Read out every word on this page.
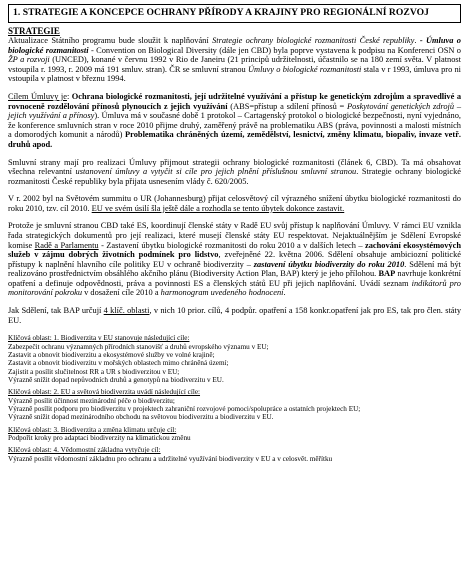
1. STRATEGIE A KONCEPCE OCHRANY PŘÍRODY A KRAJINY PRO REGIONÁLNÍ ROZVOJ
STRATEGIE

Aktualizace Státního programu bude sloužit k naplňování Strategie ochrany biologické rozmanitosti České republiky. - Úmluva o biologické rozmanitosti - Convention on Biological Diversity (dále jen CBD) byla poprve vystavena k podpisu na Konferenci OSN o ŽP a rozvoji (UNCED), konané v červnu 1992 v Rio de Janeiru (21 principů udržitelnosti, účastnilo se na 180 zemí světa. V platnost vstoupila r. 1993, r. 2009 má 191 smluv. stran). ČR se smluvní stranou Úmluvy o biologické rozmanitosti stala v r 1993, úmluva pro ni vstoupila v platnost v březnu 1994.

Cílem Úmluvy je: Ochrana biologické rozmanitosti, její udržitelné využívání a přístup ke genetickým zdrojům a spravedlivé a rovnoceně rozdělování přínosů plynoucích z jejich využívání (ABS=přístup a sdílení přínosů = Poskytování genetických zdrojů – jejich využívání a přínosy). Úmluva má v současné době 1 protokol – Cartagenský protokol o biologické bezpečnosti, nyní vyjednáno, že konference smluvních stran v roce 2010 přijme druhý, zaměřený právě na problematiku ABS (práva, povinnosti a malosti místních a domorodých komunit a národů) Problematika chráněných území, zemědělství, lesnictví, změny klimatu, biopaliv, invaze vetř. druhů apod.

Smluvní strany mají pro realizaci Úmluvy přijmout strategii ochrany biologické rozmanitosti (článek 6, CBD). Ta má obsahovat všechna relevantní ustanovení úmluvy a vytyčit si cíle pro jejich plnění příslušnou smluvní stranou. Strategie ochrany biologické rozmanitosti České republiky byla přijata usnesením vlády č. 620/2005.

V r. 2002 byl na Světovém summitu o UR (Johannesburg) přijat celosvětový cíl výrazného snížení úbytku biologické rozmanitosti do roku 2010, tzv. cíl 2010. EU ve svém úsilí šla ještě dále a rozhodla se tento úbytek dokonce zastavit.

Protože je smluvní stranou CBD také ES, koordinují členské státy v Radě EU svůj přístup k naplňování Úmluvy. V rámci EU vznikla řada strategických dokumentů pro její realizaci, které musejí členské státy EU respektovat. Nejaktuálnějším je Sdělení Evropské komise Radě a Parlamentu - Zastavení úbytku biologické rozmanitosti do roku 2010 a v dalších letech – zachování ekosystémových služeb v zájmu dobrých životních podmínek pro lidstvo, zveřejněné 22. května 2006. Sdělení obsahuje ambiciozní politické přístupy k naplnění hlavního cíle politiky EU v ochraně biodiverzity – zastavení úbytku biodiverzity do roku 2010. Sdělení má být realizováno prostřednictvím obsáhlého akčního plánu (Biodiversity Action Plan, BAP) který je jeho přílohou. BAP navrhuje konkrétní opatření a definuje odpovědnosti, práva a povinnosti ES a členských států EU při jejich naplňování. Uvádí seznam indikátorů pro monitorování pokroku v dosažení cíle 2010 a harmonogram uvedeného hodnocení.

Jak Sdělení, tak BAP určují 4 klíč. oblasti, v nich 10 prior. cílů, 4 podpůr. opatření a 158 konkr.opatření jak pro ES, tak pro člen. státy EU.

Klíčová oblast: 1. Biodiverzita v EU stanovuje následující cíle:
Zabezpečit ochranu významných přírodních stanovišť a druhů evropského významu v EU;
Zastavit a obnovit biodiverzitu a ekosystémové služby ve volné krajině;
Zastavit a obnovit biodiverzitu v mořských oblastech mimo chráněná území;
Zajistit a posílit slučitelnost RR a UR s biodiverzitou v EU;
Výrazně snížit dopad nepůvodních druhů a genotypů na biodiverzitu v EU.
Klíčová oblast: 2. EU a světová biodiverzita uvádí následující cíle:
Výrazně posílit účinnost mezinárodní péče o biodiverzitu;
Výrazně posílit podporu pro biodiverzitu v projektech zahraniční rozvojové pomoci/spolupráce a ostatních projektech EU;
Výrazně snížit dopad mezinárodního obchodu na světovou biodiverzitu a biodiverzitu v EU.
Klíčová oblast: 3. Biodiverzita a změna klimatu určuje cíl:
Podpořit kroky pro adaptaci biodiverzity na klimatickou změnu
Klíčová oblast: 4. Vědomostní základna vytyčuje cíl:
Výrazně posílit vědomostní základnu pro ochranu a udržitelné využívání biodiverzity v EU a v celosvět. měřítku
